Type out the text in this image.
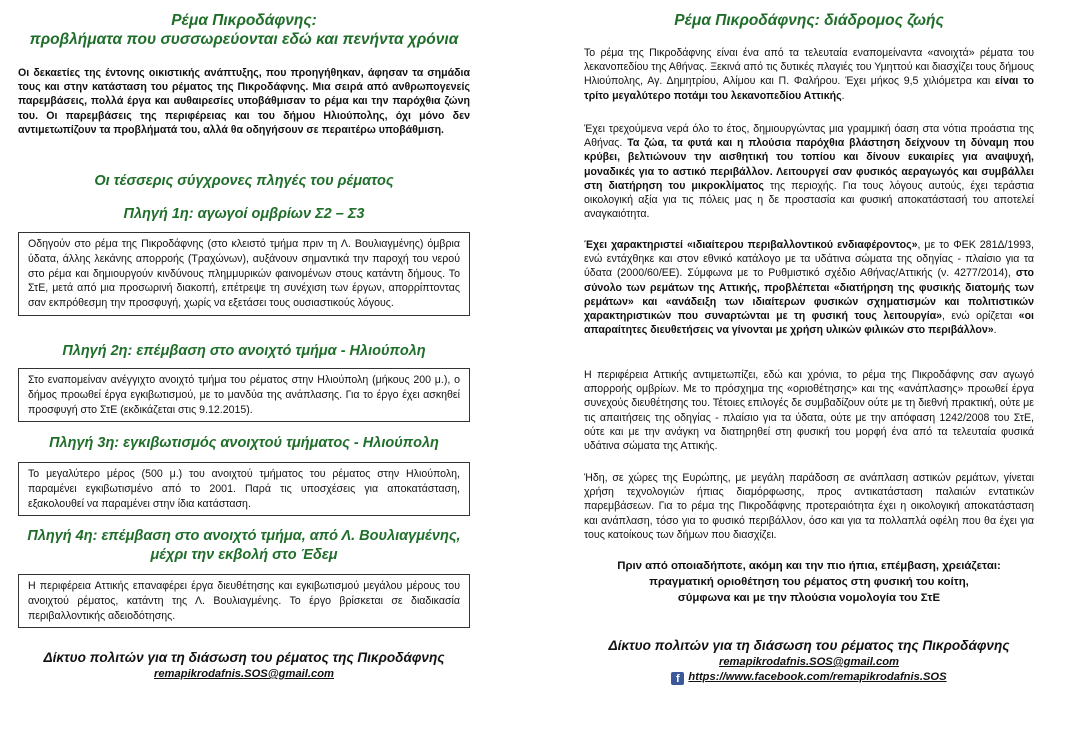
Ρέμα Πικροδάφνης:
προβλήματα που συσσωρεύονται εδώ και πενήντα χρόνια
Οι δεκαετίες της έντονης οικιστικής ανάπτυξης, που προηγήθηκαν, άφησαν τα σημάδια τους και στην κατάσταση του ρέματος της Πικροδάφνης. Μια σειρά από ανθρωπογενείς παρεμβάσεις, πολλά έργα και αυθαιρεσίες υποβάθμισαν το ρέμα και την παρόχθια ζώνη του. Οι παρεμβάσεις της περιφέρειας και του δήμου Ηλιούπολης, όχι μόνο δεν αντιμετωπίζουν τα προβλήματά του, αλλά θα οδηγήσουν σε περαιτέρω υποβάθμιση.
Οι τέσσερις σύγχρονες πληγές του ρέματος
Πληγή 1η: αγωγοί ομβρίων Σ2 – Σ3
Οδηγούν στο ρέμα της Πικροδάφνης (στο κλειστό τμήμα πριν τη Λ. Βουλιαγμένης) όμβρια ύδατα, άλλης λεκάνης απορροής (Τραχώνων), αυξάνουν σημαντικά την παροχή του νερού στο ρέμα και δημιουργούν κινδύνους πλημμυρικών φαινομένων στους κατάντη δήμους. Το ΣτΕ, μετά από μια προσωρινή διακοπή, επέτρεψε τη συνέχιση των έργων, απορρίπτοντας σαν εκπρόθεσμη την προσφυγή, χωρίς να εξετάσει τους ουσιαστικούς λόγους.
Πληγή 2η: επέμβαση στο ανοιχτό τμήμα - Ηλιούπολη
Στο εναπομείναν ανέγγιχτο ανοιχτό τμήμα του ρέματος στην Ηλιούπολη (μήκους 200 μ.), ο δήμος προωθεί έργα εγκιβωτισμού, με το μανδύα της ανάπλασης. Για το έργο έχει ασκηθεί προσφυγή στο ΣτΕ (εκδικάζεται στις 9.12.2015).
Πληγή 3η: εγκιβωτισμός ανοιχτού τμήματος - Ηλιούπολη
Το μεγαλύτερο μέρος (500 μ.) του ανοιχτού τμήματος του ρέματος στην Ηλιούπολη, παραμένει εγκιβωτισμένο από το 2001. Παρά τις υποσχέσεις για αποκατάσταση, εξακολουθεί να παραμένει στην ίδια κατάσταση.
Πληγή 4η: επέμβαση στο ανοιχτό τμήμα, από Λ. Βουλιαγμένης,
μέχρι την εκβολή στο Έδεμ
Η περιφέρεια Αττικής επαναφέρει έργα διευθέτησης και εγκιβωτισμού μεγάλου μέρους του ανοιχτού ρέματος, κατάντη της Λ. Βουλιαγμένης. Το έργο βρίσκεται σε διαδικασία περιβαλλοντικής αδειοδότησης.
Δίκτυο πολιτών για τη διάσωση του ρέματος της Πικροδάφνης
remapikrodafnis.SOS@gmail.com
Ρέμα Πικροδάφνης: διάδρομος ζωής
Το ρέμα της Πικροδάφνης είναι ένα από τα τελευταία εναπομείναντα «ανοιχτά» ρέματα του λεκανοπεδίου της Αθήνας. Ξεκινά από τις δυτικές πλαγιές του Υμηττού και διασχίζει τους δήμους Ηλιούπολης, Αγ. Δημητρίου, Αλίμου και Π. Φαλήρου. Έχει μήκος 9,5 χιλιόμετρα και είναι το τρίτο μεγαλύτερο ποτάμι του λεκανοπεδίου Αττικής.
Έχει τρεχούμενα νερά όλο το έτος, δημιουργώντας μια γραμμική όαση στα νότια προάστια της Αθήνας. Τα ζώα, τα φυτά και η πλούσια παρόχθια βλάστηση δείχνουν τη δύναμη που κρύβει, βελτιώνουν την αισθητική του τοπίου και δίνουν ευκαιρίες για αναψυχή, μοναδικές για το αστικό περιβάλλον. Λειτουργεί σαν φυσικός αεραγωγός και συμβάλλει στη διατήρηση του μικροκλίματος της περιοχής. Για τους λόγους αυτούς, έχει τεράστια οικολογική αξία για τις πόλεις μας η δε προστασία και φυσική αποκατάστασή του αποτελεί αναγκαιότητα.
Έχει χαρακτηριστεί «ιδιαίτερου περιβαλλοντικού ενδιαφέροντος», με το ΦΕΚ 281Δ/1993, ενώ εντάχθηκε και στον εθνικό κατάλογο με τα υδάτινα σώματα της οδηγίας - πλαίσιο για τα ύδατα (2000/60/ΕΕ). Σύμφωνα με το Ρυθμιστικό σχέδιο Αθήνας/Αττικής (ν. 4277/2014), στο σύνολο των ρεμάτων της Αττικής, προβλέπεται «διατήρηση της φυσικής διατομής των ρεμάτων» και «ανάδειξη των ιδιαίτερων φυσικών σχηματισμών και πολιτιστικών χαρακτηριστικών που συναρτώνται με τη φυσική τους λειτουργία», ενώ ορίζεται «οι απαραίτητες διευθετήσεις να γίνονται με χρήση υλικών φιλικών στο περιβάλλον».
Η περιφέρεια Αττικής αντιμετωπίζει, εδώ και χρόνια, το ρέμα της Πικροδάφνης σαν αγωγό απορροής ομβρίων. Με το πρόσχημα της «οριοθέτησης» και της «ανάπλασης» προωθεί έργα συνεχούς διευθέτησης του. Τέτοιες επιλογές δε συμβαδίζουν ούτε με τη διεθνή πρακτική, ούτε με τις απαιτήσεις της οδηγίας - πλαίσιο για τα ύδατα, ούτε με την απόφαση 1242/2008 του ΣτΕ, ούτε και με την ανάγκη να διατηρηθεί στη φυσική του μορφή ένα από τα τελευταία φυσικά υδάτινα σώματα της Αττικής.
Ήδη, σε χώρες της Ευρώπης, με μεγάλη παράδοση σε ανάπλαση αστικών ρεμάτων, γίνεται χρήση τεχνολογιών ήπιας διαμόρφωσης, προς αντικατάσταση παλαιών εντατικών παρεμβάσεων. Για το ρέμα της Πικροδάφνης προτεραιότητα έχει η οικολογική αποκατάσταση και ανάπλαση, τόσο για το φυσικό περιβάλλον, όσο και για τα πολλαπλά οφέλη που θα έχει για τους κατοίκους των δήμων που διασχίζει.
Πριν από οποιαδήποτε, ακόμη και την πιο ήπια, επέμβαση, χρειάζεται:
πραγματική οριοθέτηση του ρέματος στη φυσική του κοίτη,
σύμφωνα και με την πλούσια νομολογία του ΣτΕ
Δίκτυο πολιτών για τη διάσωση του ρέματος της Πικροδάφνης
remapikrodafnis.SOS@gmail.com
f https://www.facebook.com/remapikrodafnis.SOS
